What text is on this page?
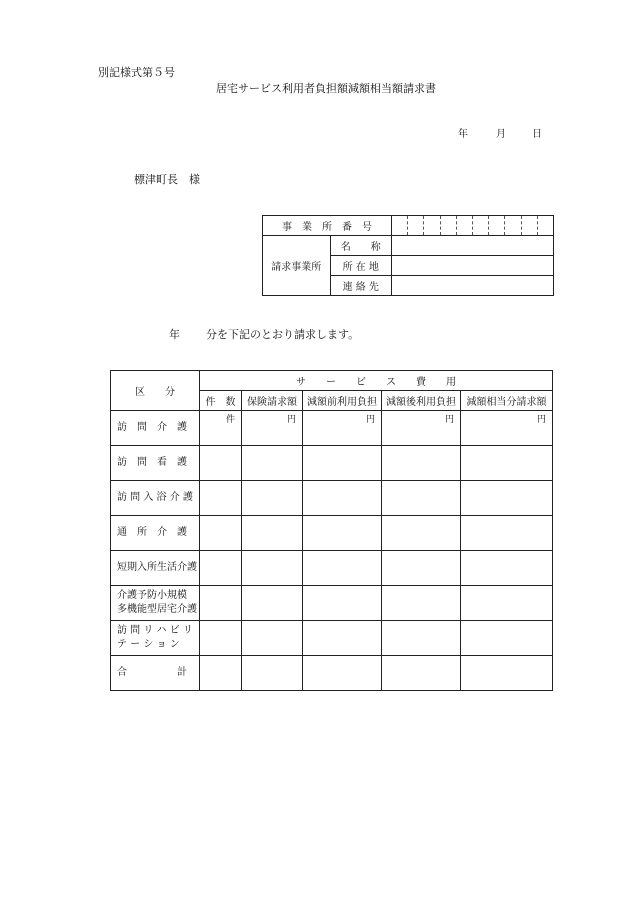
別記様式第５号
居宅サービス利用者負担額減額相当額請求書
年	月	日
標津町長　様
事　業　所　番　号		

請求事業所	名　　称	
	所 在 地	
	連 絡 先	
年 分を下記のとおり請求します。
区　　分	サ　　ー　　ビ　　ス　　費　　用				
	件　数	保険請求額	減額前利用負担	減額後利用負担	減額相当分請求額

訪　問　介　護	件	円	円	円	円

訪　問　看　護					

訪 問 入 浴 介 護					

通　所　介　護					

短期入所生活介護					

介護予防小規模
多機能型居宅介護					

訪 問 リ ハ ビ リ
テ ー シ ョ ン					

合　　　　　計					
